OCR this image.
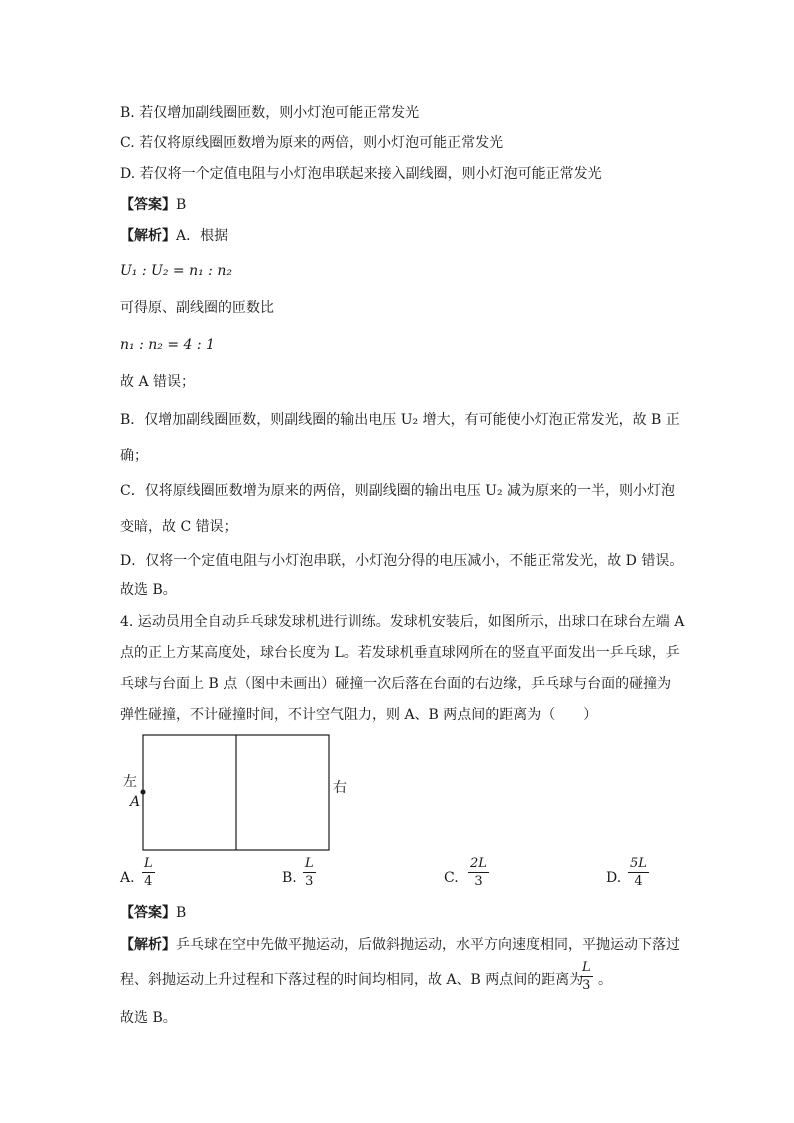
B. 若仅增加副线圈匝数，则小灯泡可能正常发光
C. 若仅将原线圈匝数增为原来的两倍，则小灯泡可能正常发光
D. 若仅将一个定值电阻与小灯泡串联起来接入副线圈，则小灯泡可能正常发光
【答案】B
【解析】A．根据
U₁ : U₂ = n₁ : n₂
可得原、副线圈的匝数比
n₁ : n₂ = 4 : 1
故 A 错误；
B．仅增加副线圈匝数，则副线圈的输出电压 U₂ 增大，有可能使小灯泡正常发光，故 B 正
确；
C．仅将原线圈匝数增为原来的两倍，则副线圈的输出电压 U₂ 减为原来的一半，则小灯泡
变暗，故 C 错误；
D．仅将一个定值电阻与小灯泡串联，小灯泡分得的电压减小，不能正常发光，故 D 错误。
故选 B。
4. 运动员用全自动乒乓球发球机进行训练。发球机安装后，如图所示，出球口在球台左端 A
点的正上方某高度处，球台长度为 L。若发球机垂直球网所在的竖直平面发出一乒乓球，乒
乓球与台面上 B 点（图中未画出）碰撞一次后落在台面的右边缘，乒乓球与台面的碰撞为
弹性碰撞，不计碰撞时间，不计空气阻力，则 A、B 两点间的距离为（　　）
左
A
右
A.
L
4	B.
L
3	C.
2L
3	D.
5L
4
【答案】B
【解析】乒乓球在空中先做平抛运动，后做斜抛运动，水平方向速度相同，平抛运动下落过
程、斜抛运动上升过程和下落过程的时间均相同，故 A、B 两点间的距离为
L
3 。
故选 B。
